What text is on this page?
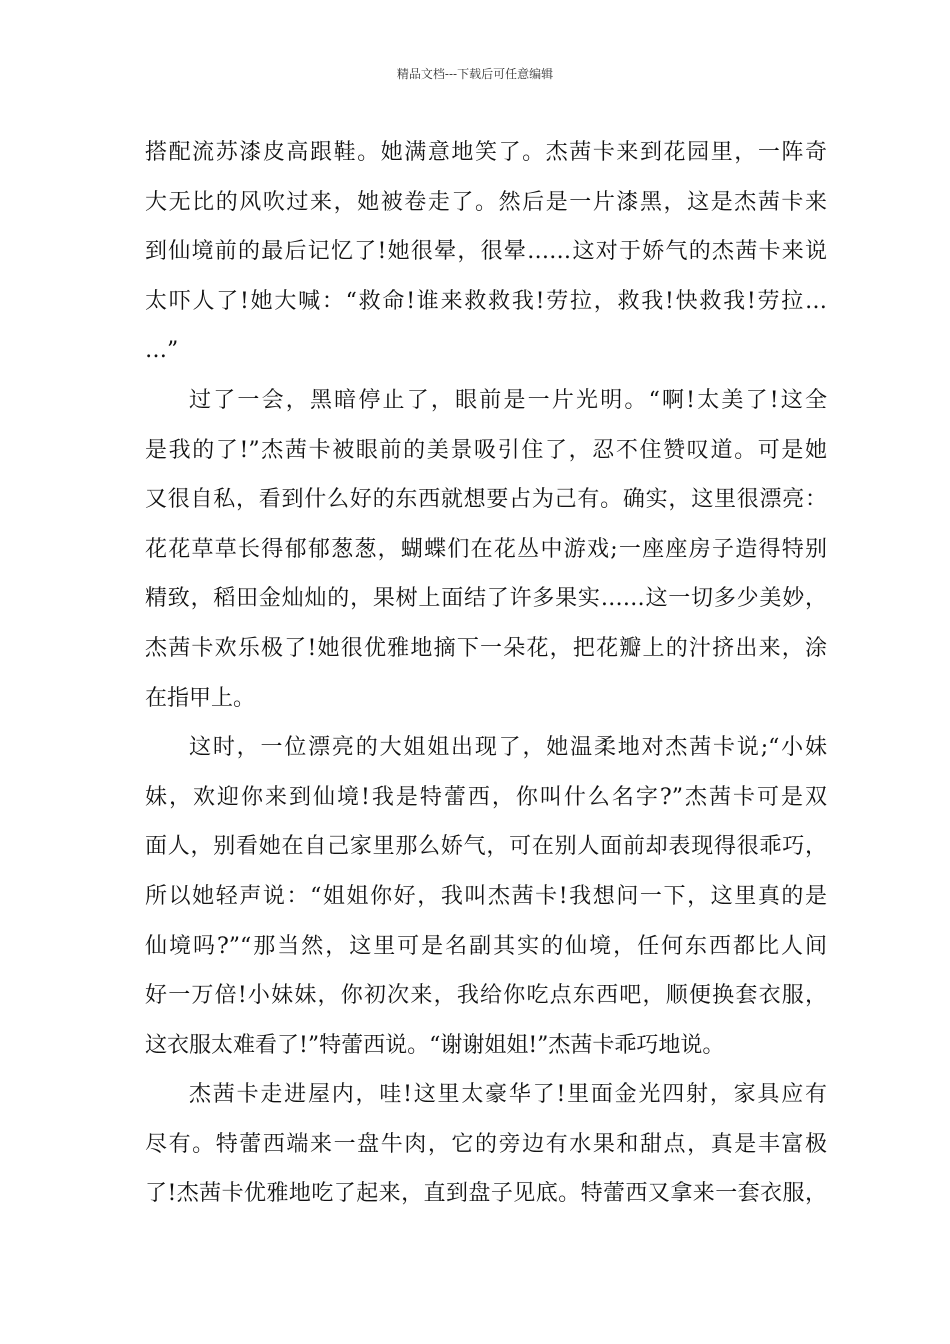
精品文档---下载后可任意编辑
搭配流苏漆皮高跟鞋。她满意地笑了。杰茜卡来到花园里，一阵奇
大无比的风吹过来，她被卷走了。然后是一片漆黑，这是杰茜卡来
到仙境前的最后记忆了!她很晕，很晕……这对于娇气的杰茜卡来说
太吓人了!她大喊：“救命!谁来救救我!劳拉，救我!快救我!劳拉…
…”
过了一会，黑暗停止了，眼前是一片光明。“啊!太美了!这全
是我的了!”杰茜卡被眼前的美景吸引住了，忍不住赞叹道。可是她
又很自私，看到什么好的东西就想要占为己有。确实，这里很漂亮：
花花草草长得郁郁葱葱，蝴蝶们在花丛中游戏;一座座房子造得特别
精致，稻田金灿灿的，果树上面结了许多果实……这一切多少美妙，
杰茜卡欢乐极了!她很优雅地摘下一朵花，把花瓣上的汁挤出来，涂
在指甲上。
这时，一位漂亮的大姐姐出现了，她温柔地对杰茜卡说;“小妹
妹，欢迎你来到仙境!我是特蕾西，你叫什么名字?”杰茜卡可是双
面人，别看她在自己家里那么娇气，可在别人面前却表现得很乖巧，
所以她轻声说：“姐姐你好，我叫杰茜卡!我想问一下，这里真的是
仙境吗?”“那当然，这里可是名副其实的仙境，任何东西都比人间
好一万倍!小妹妹，你初次来，我给你吃点东西吧，顺便换套衣服，
这衣服太难看了!”特蕾西说。“谢谢姐姐!”杰茜卡乖巧地说。
杰茜卡走进屋内，哇!这里太豪华了!里面金光四射，家具应有
尽有。特蕾西端来一盘牛肉，它的旁边有水果和甜点，真是丰富极
了!杰茜卡优雅地吃了起来，直到盘子见底。特蕾西又拿来一套衣服，
